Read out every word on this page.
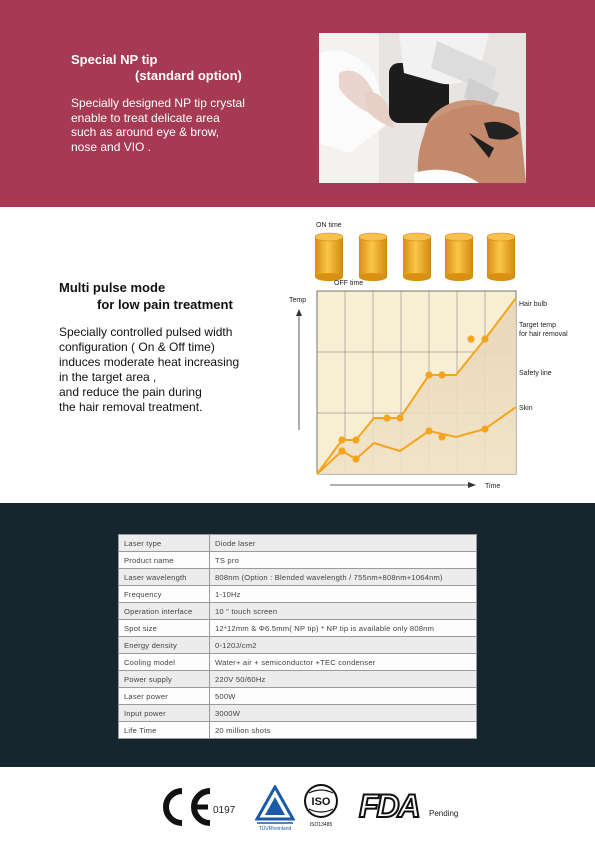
Special NP tip
(standard option)
Specially designed NP tip crystal
enable to treat delicate area
such as around eye & brow,
nose and VIO .
Multi pulse mode
for low pain treatment
Specially controlled pulsed width
configuration ( On & Off time)
induces moderate heat increasing
in the target area ,
and reduce the pain during
the hair removal treatment.
ON time
OFF time
Temp
Time
Hair bulb
Target temp
for hair removal
Safety line
Skin
Laser type	Diode laser
Product name	TS pro
Laser wavelength	808nm (Option : Blended wavelength / 755nm+808nm+1064nm)
Frequency	1-10Hz
Operation interface	10 " touch screen
Spot size	12*12mm & Φ6.5mm( NP tip) * NP tip is available only 808nm
Energy density	0-120J/cm2
Cooling model	Water+ air + semiconductor +TEC condenser
Power supply	220V 50/60Hz
Laser power	500W
Input power	3000W
Life Time	20 million shots
0197
TÜVRheinland
ISO
ISO13485
FDA Pending
